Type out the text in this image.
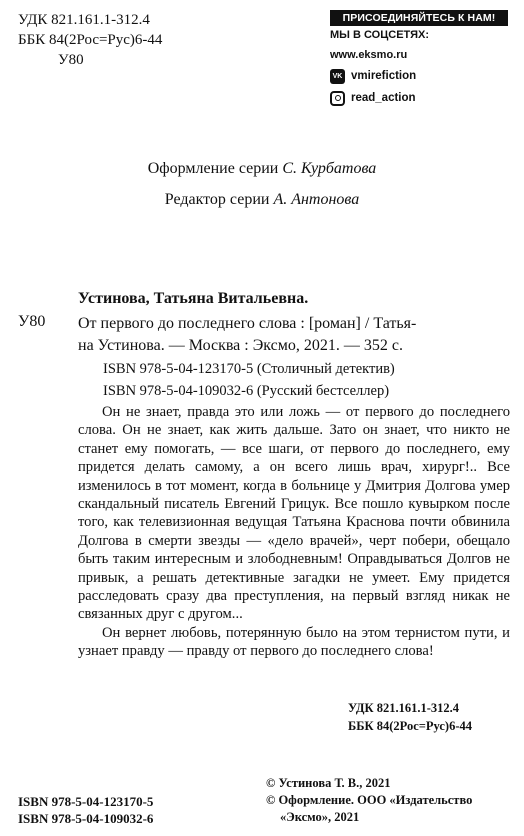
УДК 821.161.1-312.4
ББК 84(2Рос=Рус)6-44
У80
ПРИСОЕДИНЯЙТЕСЬ К НАМ!
МЫ В СОЦСЕТЯХ:
www.eksmo.ru
VK vmirefiction
read_action
Оформление серии С. Курбатова
Редактор серии А. Антонова
Устинова, Татьяна Витальевна.
У80 От первого до последнего слова : [роман] / Татья-
на Устинова. — Москва : Эксмо, 2021. — 352 с.
ISBN 978-5-04-123170-5 (Столичный детектив)
ISBN 978-5-04-109032-6 (Русский бестселлер)

Он не знает, правда это или ложь — от первого до последнего слова. Он не знает, как жить дальше. Зато он знает, что никто не станет ему помогать, — все шаги, от первого до последнего, ему придется делать самому, а он всего лишь врач, хирург!.. Все изменилось в тот момент, когда в больнице у Дмитрия Долгова умер скандальный писатель Евгений Грицук. Все пошло кувырком после того, как телевизионная ведущая Татьяна Краснова почти обвинила Долгова в смерти звезды — «дело врачей», черт побери, обещало быть таким интересным и злободневным! Оправдываться Долгов не привык, а решать детективные загадки не умеет. Ему придется расследовать сразу два преступления, на первый взгляд никак не связанных друг с другом...

Он вернет любовь, потерянную было на этом тернистом пути, и узнает правду — правду от первого до последнего слова!

УДК 821.161.1-312.4
ББК 84(2Рос=Рус)6-44
© Устинова Т. В., 2021
© Оформление. ООО «Издательство
«Эксмо», 2021
ISBN 978-5-04-123170-5
ISBN 978-5-04-109032-6
